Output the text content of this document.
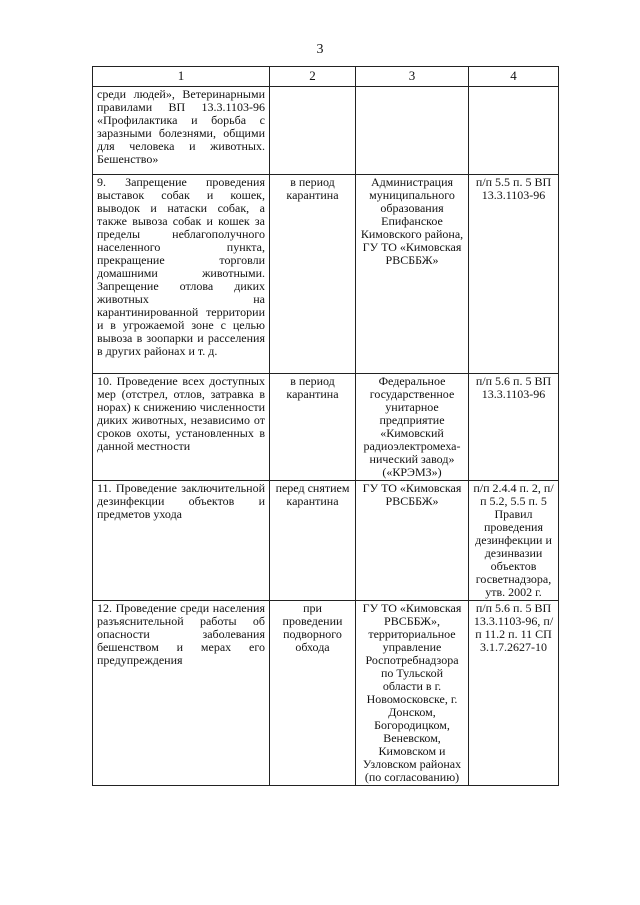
3
1	2	3	4
среди людей», Ветеринарными правилами ВП 13.3.1103-96 «Профилактика и борьба с заразными болезнями, общими для человека и животных. Бешенство»			
9. Запрещение проведения выставок собак и кошек, выводок и натаски собак, а также вывоза собак и кошек за пределы неблагополучного населенного пункта, прекращение торговли домашними животными. Запрещение отлова диких животных на карантинированной территории и в угрожаемой зоне с целью вывоза в зоопарки и расселения в других районах и т. д.	в период карантина	Администрация муниципального образования Епифанское Кимовского района, ГУ ТО «Кимовская РВСББЖ»	п/п 5.5 п. 5 ВП 13.3.1103-96
10. Проведение всех доступных мер (отстрел, отлов, затравка в норах) к снижению численности диких животных, независимо от сроков охоты, установленных в данной местности	в период карантина	Федеральное государственное унитарное предприятие «Кимовский радиоэлектромеха-нический завод» («КРЭМЗ»)	п/п 5.6 п. 5 ВП 13.3.1103-96
11. Проведение заключительной дезинфекции объектов и предметов ухода	перед снятием карантина	ГУ ТО «Кимовская РВСББЖ»	п/п 2.4.4 п. 2, п/п 5.2, 5.5 п. 5 Правил проведения дезинфекции и дезинвазии объектов госветнадзора, утв. 2002 г.
12. Проведение среди населения разъяснительной работы об опасности заболевания бешенством и мерах его предупреждения	при проведении подворного обхода	ГУ ТО «Кимовская РВСББЖ», территориальное управление Роспотребнадзора по Тульской области в г. Новомосковске, г. Донском, Богородицком, Веневском, Кимовском и Узловском районах (по согласованию)	п/п 5.6 п. 5 ВП 13.3.1103-96, п/п 11.2 п. 11 СП 3.1.7.2627-10
